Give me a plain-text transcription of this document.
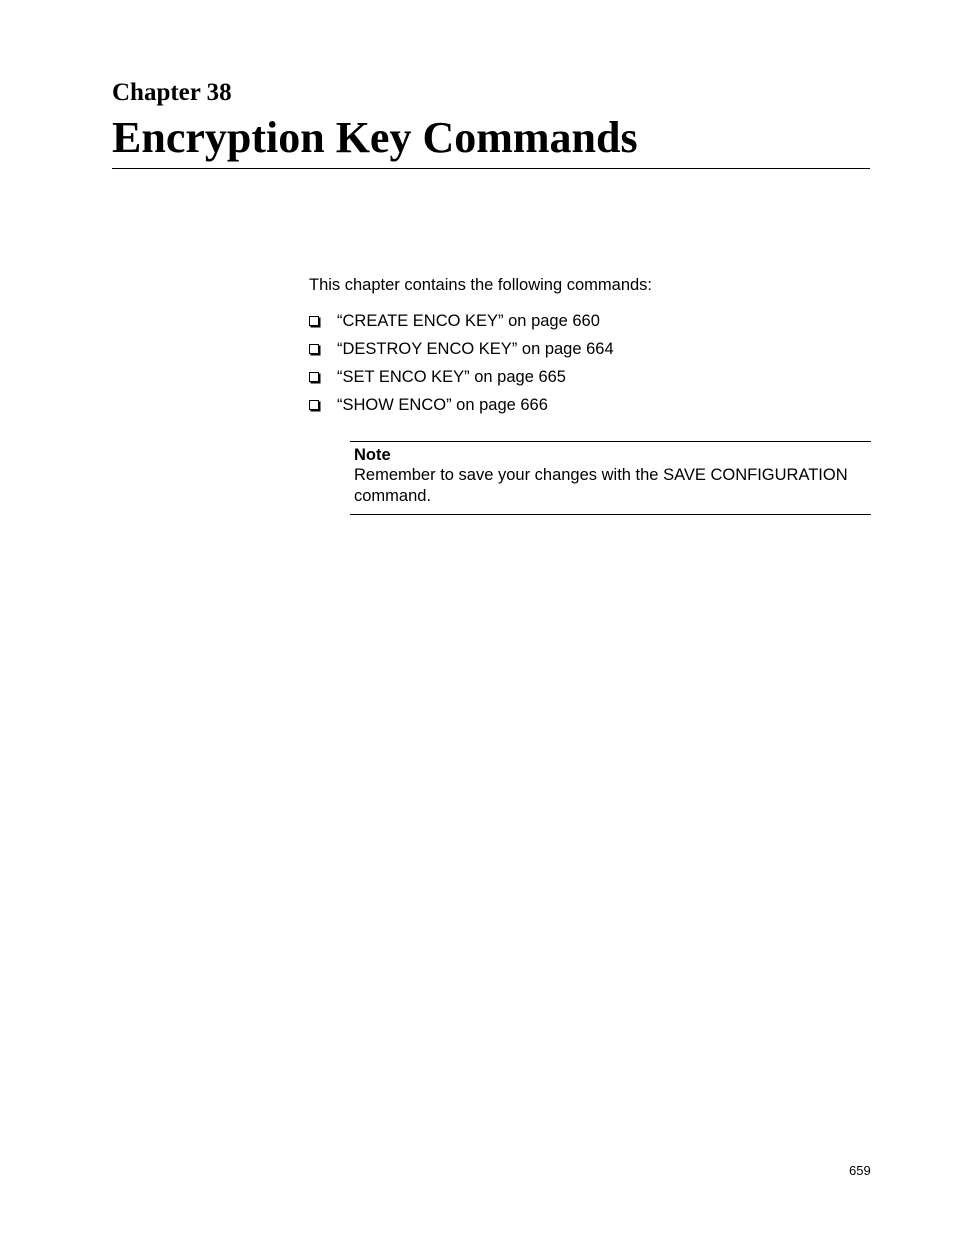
Chapter 38
Encryption Key Commands

This chapter contains the following commands:

“CREATE ENCO KEY” on page 660
“DESTROY ENCO KEY” on page 664
“SET ENCO KEY” on page 665
“SHOW ENCO” on page 666

Note

Remember to save your changes with the SAVE CONFIGURATION command.

659
